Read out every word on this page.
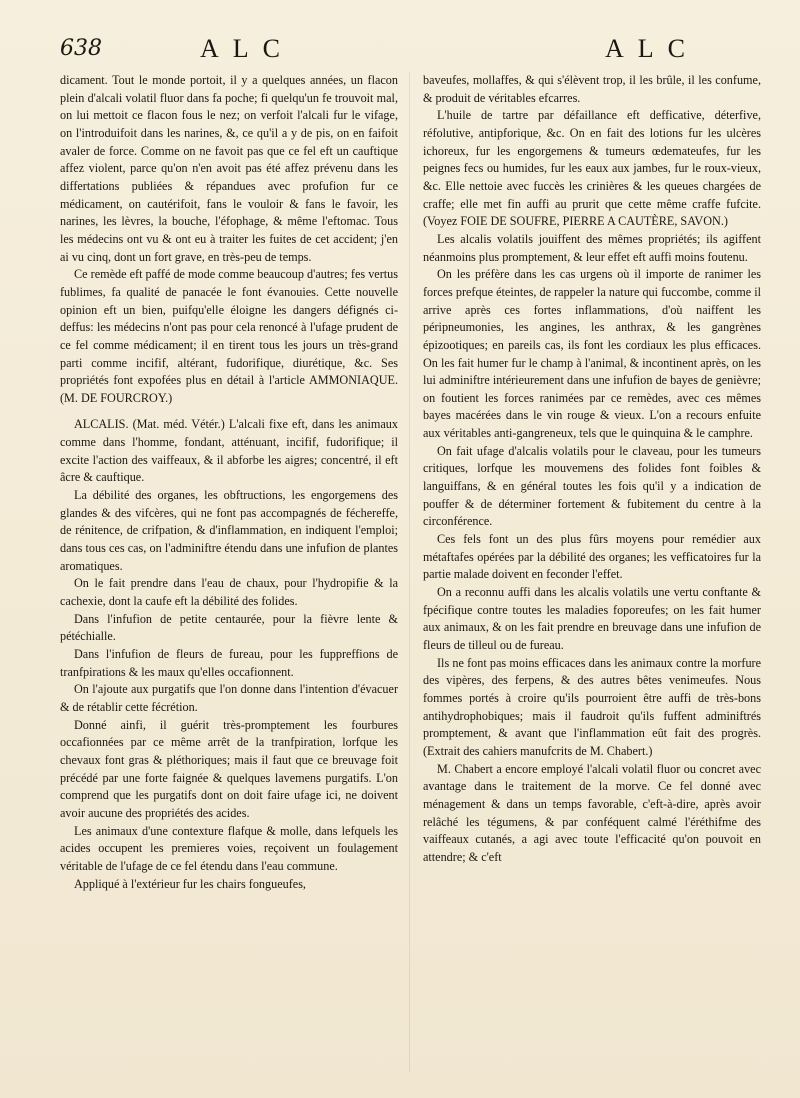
638	ALC	ALC

dicament. Tout le monde portoit, il y a quelques années, un flacon plein d'alcali volatil fluor dans fa poche; fi quelqu'un fe trouvoit mal, on lui mettoit ce flacon fous le nez; on verfoit l'alcali fur le vifage, on l'introduifoit dans les narines, &, ce qu'il a y de pis, on en faifoit avaler de force. Comme on ne favoit pas que ce fel eft un cauftique affez violent, parce qu'on n'en avoit pas été affez prévenu dans les differtations publiées & répandues avec profufion fur ce médicament, on cautérifoit, fans le vouloir & fans le favoir, les narines, les lèvres, la bouche, l'éfophage, & même l'eftomac. Tous les médecins ont vu & ont eu à traiter les fuites de cet accident; j'en ai vu cinq, dont un fort grave, en très-peu de temps.

Ce remède eft paffé de mode comme beaucoup d'autres; fes vertus fublimes, fa qualité de panacée le font évanouies. Cette nouvelle opinion eft un bien, puifqu'elle éloigne les dangers défignés ci-deffus: les médecins n'ont pas pour cela renoncé à l'ufage prudent de ce fel comme médicament; il en tirent tous les jours un très-grand parti comme incifif, altérant, fudorifique, diurétique, &c. Ses propriétés font expofées plus en détail à l'article AMMONIAQUE. (M. DE FOURCROY.)

ALCALIS. (Mat. méd. Vétér.) L'alcali fixe eft, dans les animaux comme dans l'homme, fondant, atténuant, incifif, fudorifique; il excite l'action des vaiffeaux, & il abforbe les aigres; concentré, il eft âcre & cauftique.

La débilité des organes, les obftructions, les engorgemens des glandes & des vifcères, qui ne font pas accompagnés de féchereffe, de rénitence, de crifpation, & d'inflammation, en indiquent l'emploi; dans tous ces cas, on l'adminiftre étendu dans une infufion de plantes aromatiques.

On le fait prendre dans l'eau de chaux, pour l'hydropifie & la cachexie, dont la caufe eft la débilité des folides.

Dans l'infufion de petite centaurée, pour la fièvre lente & pétéchialle.

Dans l'infufion de fleurs de fureau, pour les fuppreffions de tranfpirations & les maux qu'elles occafionnent.

On l'ajoute aux purgatifs que l'on donne dans l'intention d'évacuer & de rétablir cette fécrétion.

Donné ainfi, il guérit très-promptement les fourbures occafionnées par ce même arrêt de la tranfpiration, lorfque les chevaux font gras & pléthoriques; mais il faut que ce breuvage foit précédé par une forte faignée & quelques lavemens purgatifs. L'on comprend que les purgatifs dont on doit faire ufage ici, ne doivent avoir aucune des propriétés des acides.

Les animaux d'une contexture flafque & molle, dans lefquels les acides occupent les premieres voies, reçoivent un foulagement véritable de l'ufage de ce fel étendu dans l'eau commune.

Appliqué à l'extérieur fur les chairs fongueufes,

baveufes, mollaffes, & qui s'élèvent trop, il les brûle, il les confume, & produit de véritables efcarres.

L'huile de tartre par défaillance eft defficative, déterfive, réfolutive, antipforique, &c. On en fait des lotions fur les ulcères ichoreux, fur les engorgemens & tumeurs œdemateufes, fur les peignes fecs ou humides, fur les eaux aux jambes, fur le roux-vieux, &c. Elle nettoie avec fuccès les crinières & les queues chargées de craffe; elle met fin auffi au prurit que cette même craffe fufcite. (Voyez FOIE DE SOUFRE, PIERRE A CAUTÈRE, SAVON.)

Les alcalis volatils jouiffent des mêmes propriétés; ils agiffent néanmoins plus promptement, & leur effet eft auffi moins foutenu.

On les préfère dans les cas urgens où il importe de ranimer les forces prefque éteintes, de rappeler la nature qui fuccombe, comme il arrive après ces fortes inflammations, d'où naiffent les péripneumonies, les angines, les anthrax, & les gangrènes épizootiques; en pareils cas, ils font les cordiaux les plus efficaces. On les fait humer fur le champ à l'animal, & incontinent après, on les lui adminiftre intérieurement dans une infufion de bayes de genièvre; on foutient les forces ranimées par ce remèdes, avec ces mêmes bayes macérées dans le vin rouge & vieux. L'on a recours enfuite aux véritables anti-gangreneux, tels que le quinquina & le camphre.

On fait ufage d'alcalis volatils pour le claveau, pour les tumeurs critiques, lorfque les mouvemens des folides font foibles & languiffans, & en général toutes les fois qu'il y a indication de pouffer & de déterminer fortement & fubitement du centre à la circonférence.

Ces fels font un des plus fûrs moyens pour remédier aux métaftafes opérées par la débilité des organes; les vefficatoires fur la partie malade doivent en feconder l'effet.

On a reconnu auffi dans les alcalis volatils une vertu conftante & fpécifique contre toutes les maladies foporeufes; on les fait humer aux animaux, & on les fait prendre en breuvage dans une infufion de fleurs de tilleul ou de fureau.

Ils ne font pas moins efficaces dans les animaux contre la morfure des vipères, des ferpens, & des autres bêtes venimeufes. Nous fommes portés à croire qu'ils pourroient être auffi de très-bons antihydrophobiques; mais il faudroit qu'ils fuffent adminiftrés promptement, & avant que l'inflammation eût fait des progrès. (Extrait des cahiers manufcrits de M. Chabert.)

M. Chabert a encore employé l'alcali volatil fluor ou concret avec avantage dans le traitement de la morve. Ce fel donné avec ménagement & dans un temps favorable, c'eft-à-dire, après avoir relâché les tégumens, & par conféquent calmé l'éréthifme des vaiffeaux cutanés, a agi avec toute l'efficacité qu'on pouvoit en attendre; & c'eft
